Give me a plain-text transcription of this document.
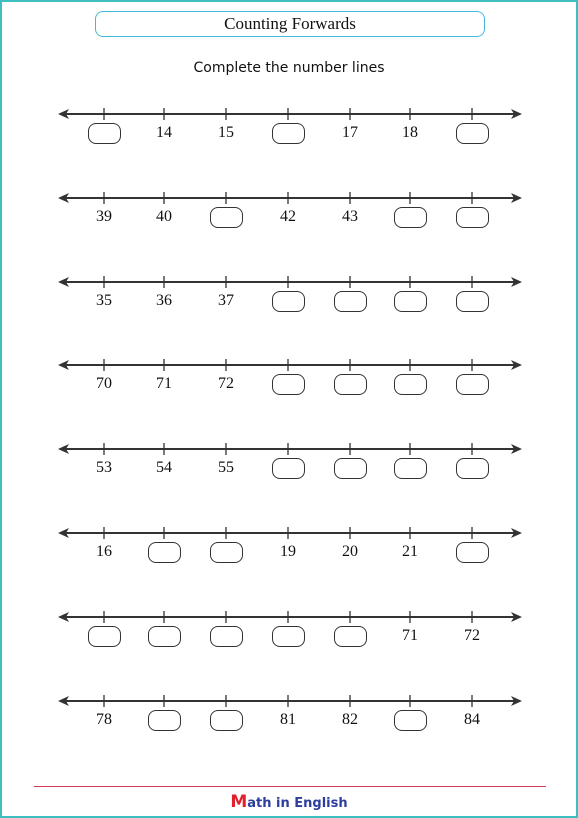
Counting Forwards
Complete the number lines
14	15	17	18
39	40	42	43
35	36	37
70	71	72
53	54	55
16	19	20	21
71	72
78	81	82	84
Math in English
